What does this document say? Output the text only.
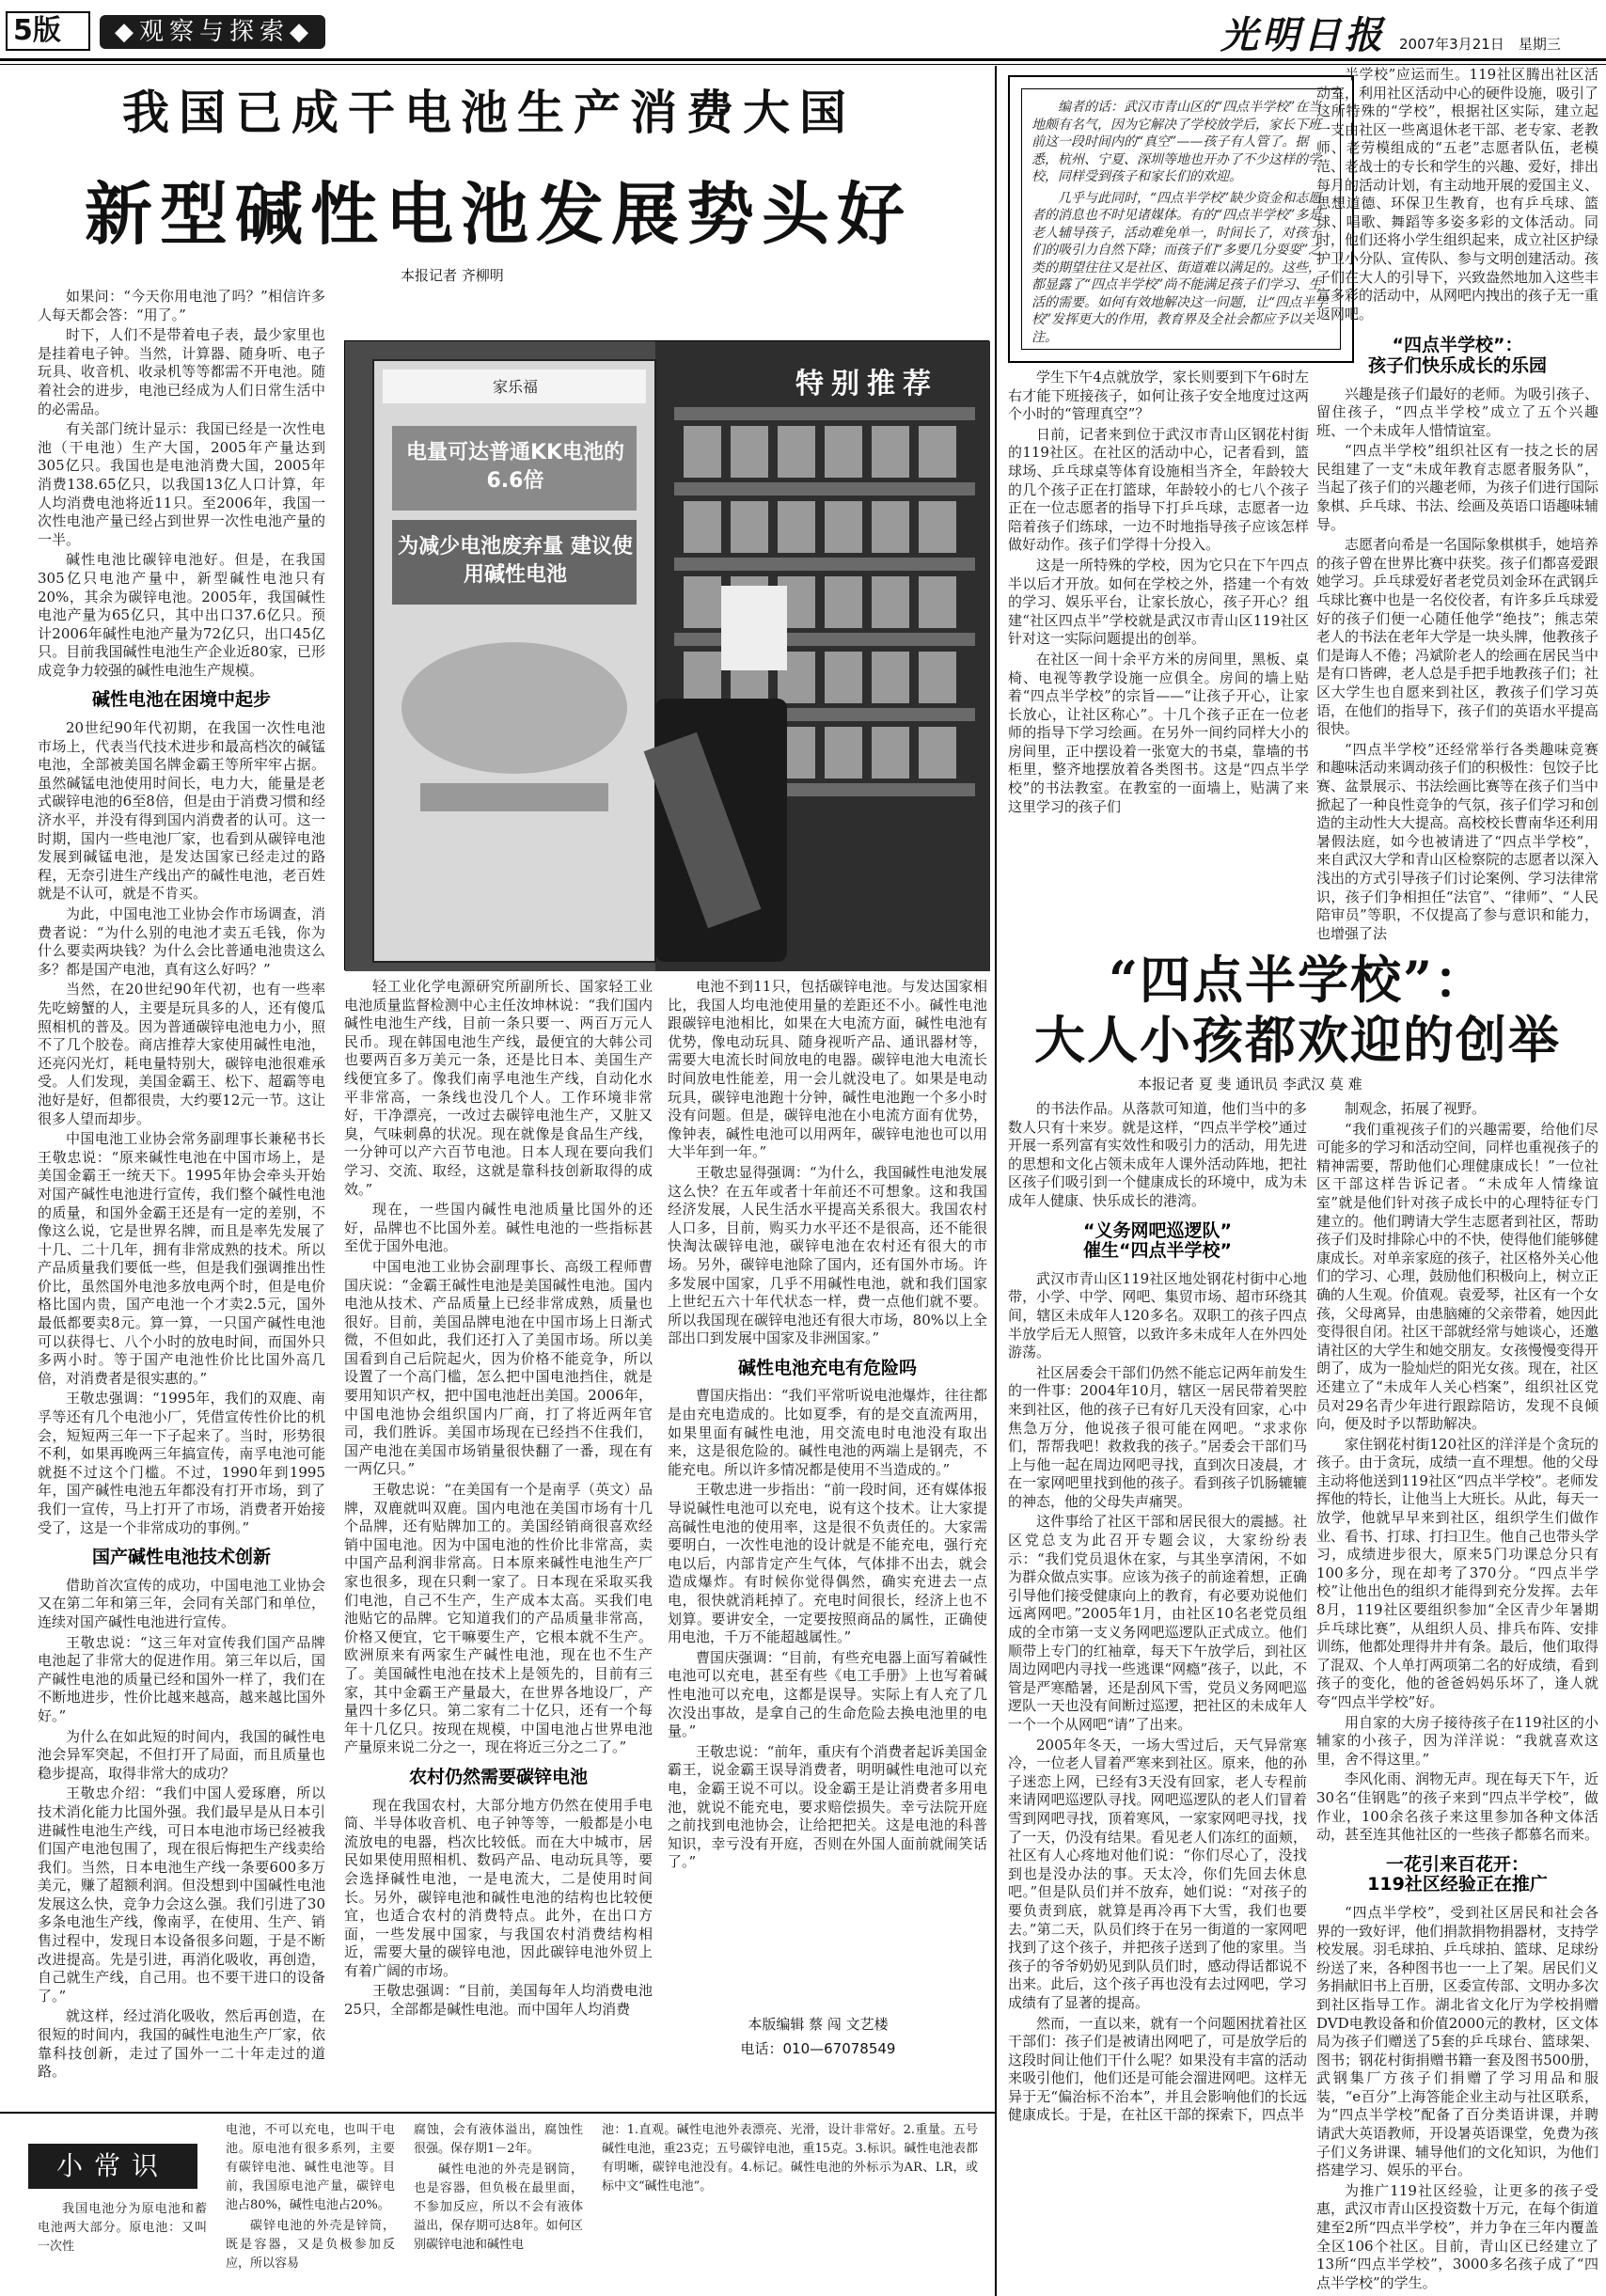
5版	◆观察与探索◆	光明日报 2007年3月21日　 星期三
我国已成干电池生产消费大国
新型碱性电池发展势头好
本报记者 齐柳明

如果问：“今天你用电池了吗？”相信许多人每天都会答：“用了。”

时下，人们不是带着电子表，最少家里也是挂着电子钟。当然，计算器、随身听、电子玩具、收音机、收录机等等都需不开电池。随着社会的进步，电池已经成为人们日常生活中的必需品。

有关部门统计显示：我国已经是一次性电池（干电池）生产大国，2005年产量达到305亿只。我国也是电池消费大国，2005年消费138.65亿只，以我国13亿人口计算，年人均消费电池将近11只。至2006年，我国一次性电池产量已经占到世界一次性电池产量的一半。

碱性电池比碳锌电池好。但是，在我国305亿只电池产量中，新型碱性电池只有20%，其余为碳锌电池。2005年，我国碱性电池产量为65亿只，其中出口37.6亿只。预计2006年碱性电池产量为72亿只，出口45亿只。目前我国碱性电池生产企业近80家，已形成竞争力较强的碱性电池生产规模。

碱性电池在困境中起步

20世纪90年代初期，在我国一次性电池市场上，代表当代技术进步和最高档次的碱锰电池，全部被美国名牌金霸王等所牢牢占据。虽然碱锰电池使用时间长，电力大，能量是老式碳锌电池的6至8倍，但是由于消费习惯和经济水平，并没有得到国内消费者的认可。这一时期，国内一些电池厂家，也看到从碳锌电池发展到碱锰电池，是发达国家已经走过的路程，无奈引进生产线出产的碱性电池，老百姓就是不认可，就是不肯买。

为此，中国电池工业协会作市场调查，消费者说：“为什么别的电池才卖五毛钱，你为什么要卖两块钱？为什么会比普通电池贵这么多？都是国产电池，真有这么好吗？”

当然，在20世纪90年代初，也有一些率先吃螃蟹的人，主要是玩具多的人，还有傻瓜照相机的普及。因为普通碳锌电池电力小，照不了几个胶卷。商店推荐大家使用碱性电池，还亮闪光灯，耗电量特别大，碳锌电池很难承受。人们发现，美国金霸王、松下、超霸等电池好是好，但都很贵，大约要12元一节。这让很多人望而却步。

中国电池工业协会常务副理事长兼秘书长王敬忠说：“原来碱性电池在中国市场上，是美国金霸王一统天下。1995年协会牵头开始对国产碱性电池进行宣传，我们整个碱性电池的质量，和国外金霸王还是有一定的差别，不像这么说，它是世界名牌，而且是率先发展了十几、二十几年，拥有非常成熟的技术。所以产品质量我们要低一些，但是我们强调推出性价比，虽然国外电池多放电两个时，但是电价格比国内贵，国产电池一个才卖2.5元，国外最低都要卖8元。算一算，一只国产碱性电池可以获得七、八个小时的放电时间，而国外只多两小时。等于国产电池性价比比国外高几倍，对消费者是很实惠的。”

王敬忠强调：“1995年，我们的双鹿、南孚等还有几个电池小厂，凭借宣传性价比的机会，短短两三年一下子起来了。当时，形势很不利，如果再晚两三年搞宣传，南孚电池可能就挺不过这个门槛。不过，1990年到1995年，国产碱性电池五年都没有打开市场，到了我们一宣传，马上打开了市场，消费者开始接受了，这是一个非常成功的事例。”

国产碱性电池技术创新

借助首次宣传的成功，中国电池工业协会又在第二年和第三年，会同有关部门和单位，连续对国产碱性电池进行宣传。

王敬忠说：“这三年对宣传我们国产品牌电池起了非常大的促进作用。第三年以后，国产碱性电池的质量已经和国外一样了，我们在不断地进步，性价比越来越高，越来越比国外好。”

为什么在如此短的时间内，我国的碱性电池会异军突起，不但打开了局面，而且质量也稳步提高，取得非常大的成功？

王敬忠介绍：“我们中国人爱琢磨，所以技术消化能力比国外强。我们最早是从日本引进碱性电池生产线，可日本电池市场已经被我们国产电池包围了，现在很后悔把生产线卖给我们。当然，日本电池生产线一条要600多万美元，赚了超额利润。但没想到中国碱性电池发展这么快，竞争力会这么强。我们引进了30多条电池生产线，像南孚，在使用、生产、销售过程中，发现日本设备很多问题，于是不断改进提高。先是引进，再消化吸收，再创造，自己就生产线，自己用。也不要干进口的设备了。”

就这样，经过消化吸收，然后再创造，在很短的时间内，我国的碱性电池生产厂家，依靠科技创新，走过了国外一二十年走过的道路。

电量可达普通KK电池的6.6倍
为减少电池废弃量 建议使用碱性电池
特别推荐
家乐福

轻工业化学电源研究所副所长、国家轻工业电池质量监督检测中心主任汝坤林说：“我们国内碱性电池生产线，目前一条只要一、两百万元人民币。现在韩国电池生产线，最便宜的大韩公司也要两百多万美元一条，还是比日本、美国生产线便宜多了。像我们南孚电池生产线，自动化水平非常高，一条线也没几个人。工作环境非常好，干净漂亮，一改过去碳锌电池生产，又脏又臭，气味刺鼻的状况。现在就像是食品生产线，一分钟可以产六百节电池。日本人现在要向我们学习、交流、取经，这就是靠科技创新取得的成效。”

现在，一些国内碱性电池质量比国外的还好，品牌也不比国外差。碱性电池的一些指标甚至优于国外电池。

中国电池工业协会副理事长、高级工程师曹国庆说：“金霸王碱性电池是美国碱性电池。国内电池从技术、产品质量上已经非常成熟，质量也很好。目前，美国品牌电池在中国市场上日渐式微，不但如此，我们还打入了美国市场。所以美国看到自己后院起火，因为价格不能竞争，所以设置了一个高门槛，怎么把中国电池挡住，就是要用知识产权，把中国电池赶出美国。2006年，中国电池协会组织国内厂商，打了将近两年官司，我们胜诉。美国市场现在已经挡不住我们，国产电池在美国市场销量很快翻了一番，现在有一两亿只。”

王敬忠说：“在美国有一个是南孚（英文）品牌，双鹿就叫双鹿。国内电池在美国市场有十几个品牌，还有贴牌加工的。美国经销商很喜欢经销中国电池。因为中国电池的性价比非常高，卖中国产品利润非常高。日本原来碱性电池生产厂家也很多，现在只剩一家了。日本现在采取买我们电池，自己不生产，生产成本太高。买我们电池贴它的品牌。它知道我们的产品质量非常高，价格又便宜，它干嘛要生产，它根本就不生产。欧洲原来有两家生产碱性电池，现在也不生产了。美国碱性电池在技术上是领先的，目前有三家，其中金霸王产量最大，在世界各地设厂，产量四十多亿只。第二家有二十亿只，还有一个每年十几亿只。按现在规模，中国电池占世界电池产量原来说二分之一，现在将近三分之二了。”

农村仍然需要碳锌电池

现在我国农村，大部分地方仍然在使用手电筒、半导体收音机、电子钟等等，一般都是小电流放电的电器，档次比较低。而在大中城市，居民如果使用照相机、数码产品、电动玩具等，要会选择碱性电池，一是电流大，二是使用时间长。另外，碳锌电池和碱性电池的结构也比较便宜，也适合农村的消费特点。此外，在出口方面，一些发展中国家，与我国农村消费结构相近，需要大量的碳锌电池，因此碳锌电池外贸上有着广阔的市场。

王敬忠强调：“目前，美国每年人均消费电池25只，全部都是碱性电池。而中国年人均消费

电池不到11只，包括碳锌电池。与发达国家相比，我国人均电池使用量的差距还不小。碱性电池跟碳锌电池相比，如果在大电流方面，碱性电池有优势，像电动玩具、随身视听产品、通讯器材等，需要大电流长时间放电的电器。碳锌电池大电流长时间放电性能差，用一会儿就没电了。如果是电动玩具，碳锌电池跑十分钟，碱性电池跑一个多小时没有问题。但是，碳锌电池在小电流方面有优势，像钟表，碱性电池可以用两年，碳锌电池也可以用大半年到一年。”

王敬忠显得强调：“为什么，我国碱性电池发展这么快？在五年或者十年前还不可想象。这和我国经济发展，人民生活水平提高关系很大。我国农村人口多，目前，购买力水平还不是很高，还不能很快淘汰碳锌电池，碳锌电池在农村还有很大的市场。另外，碳锌电池除了国内，还有国外市场。许多发展中国家，几乎不用碱性电池，就和我们国家上世纪五六十年代状态一样，费一点他们就不要。所以我国现在碳锌电池还有很大市场，80%以上全部出口到发展中国家及非洲国家。”

碱性电池充电有危险吗

曹国庆指出：“我们平常听说电池爆炸，往往都是由充电造成的。比如夏季，有的是交直流两用，如果里面有碱性电池，用交流电时电池没有取出来，这是很危险的。碱性电池的两端上是钢壳，不能充电。所以许多情况都是使用不当造成的。”

王敬忠进一步指出：“前一段时间，还有媒体报导说碱性电池可以充电，说有这个技术。让大家提高碱性电池的使用率，这是很不负责任的。大家需要明白，一次性电池的设计就是不能充电，强行充电以后，内部肯定产生气体，气体排不出去，就会造成爆炸。有时候你觉得偶然，确实充进去一点电，很快就消耗掉了。充电时间很长，经济上也不划算。要讲安全，一定要按照商品的属性，正确使用电池，千万不能超越属性。”

曹国庆强调：“目前，有些充电器上面写着碱性电池可以充电，甚至有些《电工手册》上也写着碱性电池可以充电，这都是误导。实际上有人充了几次没出事故，是拿自己的生命危险去换电池里的电量。”

王敬忠说：“前年，重庆有个消费者起诉美国金霸王，说金霸王误导消费者，明明碱性电池可以充电，金霸王说不可以。设金霸王是让消费者多用电池，就说不能充电，要求赔偿损失。幸亏法院开庭之前找到电池协会，让给把把关。这是电池的科普知识，幸亏没有开庭，否则在外国人面前就闹笑话了。”

本版编辑 蔡 闯 文艺楼
电话：010—67078549

编者的话：武汉市青山区的“四点半学校”在当地颇有名气，因为它解决了学校放学后，家长下班前这一段时间内的“真空”——孩子有人管了。据悉，杭州、宁夏、深圳等地也开办了不少这样的学校，同样受到孩子和家长们的欢迎。

几乎与此同时，“四点半学校”缺少资金和志愿者的消息也不时见诸媒体。有的“四点半学校”多是老人辅导孩子，活动难免单一，时间长了，对孩子们的吸引力自然下降；而孩子们“多要几分耍耍”之类的期望往往又是社区、街道难以满足的。这些，都显露了“四点半学校”尚不能满足孩子们学习、生活的需要。如何有效地解决这一问题，让“四点半学校”发挥更大的作用，教育界及全社会都应予以关注。

学生下午4点就放学，家长则要到下午6时左右才能下班接孩子，如何让孩子安全地度过这两个小时的“管理真空”？

日前，记者来到位于武汉市青山区钢花村街的119社区。在社区的活动中心，记者看到，篮球场、乒乓球桌等体育设施相当齐全，年龄较大的几个孩子正在打篮球，年龄较小的七八个孩子正在一位志愿者的指导下打乒乓球，志愿者一边陪着孩子们练球，一边不时地指导孩子应该怎样做好动作。孩子们学得十分投入。

这是一所特殊的学校，因为它只在下午四点半以后才开放。如何在学校之外，搭建一个有效的学习、娱乐平台，让家长放心，孩子开心？组建“社区四点半”学校就是武汉市青山区119社区针对这一实际问题提出的创举。

在社区一间十余平方米的房间里，黑板、桌椅、电视等教学设施一应俱全。房间的墙上贴着“四点半学校”的宗旨——“让孩子开心，让家长放心，让社区称心”。十几个孩子正在一位老师的指导下学习绘画。在另外一间约同样大小的房间里，正中摆设着一张宽大的书桌，靠墙的书柜里，整齐地摆放着各类图书。这是“四点半学校”的书法教室。在教室的一面墙上，贴满了来这里学习的孩子们

半学校”应运而生。119社区腾出社区活动室，利用社区活动中心的硬件设施，吸引了这所特殊的“学校”，根据社区实际，建立起一支由社区一些离退休老干部、老专家、老教师、老劳模组成的“五老”志愿者队伍，老模范、老战士的专长和学生的兴趣、爱好，排出每月的活动计划，有主动地开展的爱国主义、思想道德、环保卫生教育，也有乒乓球、篮球、唱歌、舞蹈等多姿多彩的文体活动。同时，他们还将小学生组织起来，成立社区护绿护卫小分队、宣传队、参与文明创建活动。孩子们在大人的引导下，兴致盎然地加入这些丰富多彩的活动中，从网吧内拽出的孩子无一重返网吧。

“四点半学校”：
孩子们快乐成长的乐园

兴趣是孩子们最好的老师。为吸引孩子、留住孩子，“四点半学校”成立了五个兴趣班、一个未成年人惜情谊室。

“四点半学校”组织社区有一技之长的居民组建了一支“未成年教育志愿者服务队”，当起了孩子们的兴趣老师，为孩子们进行国际象棋、乒乓球、书法、绘画及英语口语趣味辅导。

志愿者向希是一名国际象棋棋手，她培养的孩子曾在世界比赛中获奖。孩子们都喜爱跟她学习。乒乓球爱好者老党员刘金环在武钢乒乓球比赛中也是一名佼佼者，有许多乒乓球爱好的孩子们便一心随任他学“绝技”；熊志荣老人的书法在老年大学是一块头牌，他教孩子们是诲人不倦；冯斌阶老人的绘画在居民当中是有口皆碑，老人总是手把手地教孩子们；社区大学生也自愿来到社区，教孩子们学习英语，在他们的指导下，孩子们的英语水平提高很快。

“四点半学校”还经常举行各类趣味竞赛和趣味活动来调动孩子们的积极性：包饺子比赛、盆景展示、书法绘画比赛等在孩子们当中掀起了一种良性竞争的气氛，孩子们学习和创造的主动性大大提高。高校校长曹南华还利用暑假法庭，如今也被请进了“四点半学校”，来自武汉大学和青山区检察院的志愿者以深入浅出的方式引导孩子们讨论案例、学习法律常识，孩子们争相担任“法官”、“律师”、“人民陪审员”等职，不仅提高了参与意识和能力，也增强了法

“四点半学校”：
大人小孩都欢迎的创举
本报记者 夏 斐 通讯员 李武汉 莫 难

的书法作品。从落款可知道，他们当中的多数人只有十来岁。就是这样，“四点半学校”通过开展一系列富有实效性和吸引力的活动，用先进的思想和文化占领未成年人课外活动阵地，把社区孩子们吸引到一个健康成长的环境中，成为未成年人健康、快乐成长的港湾。

“义务网吧巡逻队”
催生“四点半学校”

武汉市青山区119社区地处钢花村街中心地带，小学、中学、网吧、集贸市场、超市环绕其间，辖区未成年人120多名。双职工的孩子四点半放学后无人照管，以致许多未成年人在外四处游荡。

社区居委会干部们仍然不能忘记两年前发生的一件事：2004年10月，辖区一居民带着哭腔来到社区，他的孩子已有好几天没有回家，心中焦急万分，他说孩子很可能在网吧。“求求你们，帮帮我吧！救救我的孩子。”居委会干部们马上与他一起在周边网吧寻找，直到次日凌晨，才在一家网吧里找到他的孩子。看到孩子饥肠辘辘的神态，他的父母失声痛哭。

这件事给了社区干部和居民很大的震撼。社区党总支为此召开专题会议，大家纷纷表示：“我们党员退休在家，与其坐享清闲，不如为群众做点实事。应该为孩子的前途着想，正确引导他们接受健康向上的教育，有必要劝说他们远离网吧。”2005年1月，由社区10名老党员组成的全市第一支义务网吧巡逻队正式成立。他们顺带上专门的红袖章，每天下午放学后，到社区周边网吧内寻找一些逃课“网瘾”孩子，以此，不管是严寒酷暑，还是刮风下雪，党员义务网吧巡逻队一天也没有间断过巡逻，把社区的未成年人一个一个从网吧“请”了出来。

2005年冬天，一场大雪过后，天气异常寒冷，一位老人冒着严寒来到社区。原来，他的孙子迷恋上网，已经有3天没有回家，老人专程前来请网吧巡逻队寻找。网吧巡逻队的老人们冒着雪到网吧寻找，顶着寒风，一家家网吧寻找，找了一天，仍没有结果。看见老人们冻红的面颊，社区有人心疼地对他们说：“你们尽心了，没找到也是没办法的事。天太冷，你们先回去休息吧。”但是队员们并不放弃，她们说：“对孩子的要负责到底，就算是再冷再下大雪，我们也要去。”第二天，队员们终于在另一街道的一家网吧找到了这个孩子，并把孩子送到了他的家里。当孩子的爷爷奶奶见到队员们时，感动得话都说不出来。此后，这个孩子再也没有去过网吧，学习成绩有了显著的提高。

然而，一直以来，就有一个问题困扰着社区干部们：孩子们是被请出网吧了，可是放学后的这段时间让他们干什么呢？如果没有丰富的活动来吸引他们，他们还是可能会溜进网吧。这样无异于无“偏治标不治本”，并且会影响他们的长远健康成长。于是，在社区干部的探索下，四点半

制观念，拓展了视野。

“我们重视孩子们的兴趣需要，给他们尽可能多的学习和活动空间，同样也重视孩子的精神需要，帮助他们心理健康成长！”一位社区干部这样告诉记者。“未成年人情缘谊室”就是他们针对孩子成长中的心理特征专门建立的。他们聘请大学生志愿者到社区，帮助孩子们及时排除心中的不快，使得他们能够健康成长。对单亲家庭的孩子，社区格外关心他们的学习、心理，鼓励他们积极向上，树立正确的人生观。价值观。袁爱琴，社区有一个女孩，父母离异，由患脑瘫的父亲带着，她因此变得很自闭。社区干部就经常与她谈心，还邀请社区的大学生和她交朋友。女孩慢慢变得开朗了，成为一脸灿烂的阳光女孩。现在，社区还建立了“未成年人关心档案”，组织社区党员对29名青少年进行跟踪陪访，发现不良倾向，便及时予以帮助解决。

家住钢花村街120社区的洋洋是个贪玩的孩子。由于贪玩，成绩一直不理想。他的父母主动将他送到119社区“四点半学校”。老师发挥他的特长，让他当上大班长。从此，每天一放学，他就早早来到社区，组织学生们做作业、看书、打球、打扫卫生。他自己也带头学习，成绩进步很大，原来5门功课总分只有100多分，现在却考了370分。“四点半学校”让他出色的组织才能得到充分发挥。去年8月，119社区要组织参加“全区青少年暑期乒乓球比赛”，从组织人员、排兵布阵、安排训练，他都处理得井井有条。最后，他们取得了混双、个人单打两项第二名的好成绩，看到孩子的变化，他的爸爸妈妈乐坏了，逢人就夸“四点半学校”好。

用自家的大房子接待孩子在119社区的小辅家的小孩子，因为洋洋说：“我就喜欢这里，舍不得这里。”

李风化雨、润物无声。现在每天下午，近30名“佳钢匙”的孩子来到“四点半学校”，做作业，100余名孩子来这里参加各种文体活动，甚至连其他社区的一些孩子都慕名而来。

一花引来百花开：
119社区经验正在推广

“四点半学校”，受到社区居民和社会各界的一致好评，他们捐款捐物捐器材，支持学校发展。羽毛球拍、乒乓球拍、篮球、足球纷纷送了来，各种图书也一一上了架。居民们义务捐献旧书上百册，区委宣传部、文明办多次到社区指导工作。湖北省文化厅为学校捐赠DVD电教设备和价值2000元的教材，区文体局为孩子们赠送了5套的乒乓球台、篮球架、图书；钢花村街捐赠书籍一套及图书500册，武钢集厂方孩子们捐赠了学习用品和服装，“e百分”上海答能企业主动与社区联系，为“四点半学校”配备了百分类语讲课，并聘请武大英语教师，开设暑英语课堂，免费为孩子们义务讲课、辅导他们的文化知识，为他们搭建学习、娱乐的平台。

为推广119社区经验，让更多的孩子受惠，武汉市青山区投资数十万元，在每个街道建至2所“四点半学校”，并力争在三年内覆盖全区106个社区。目前，青山区已经建立了13所“四点半学校”，3000多名孩子成了“四点半学校”的学生。

小常识
我国电池分为原电池和蓄电池两大部分。原电池：又叫一次性
电池，不可以充电，也叫干电池。原电池有很多系列，主要有碳锌电池、碱性电池等。目前，我国原电池产量，碳锌电池占80%，碱性电池占20%。
碳锌电池的外壳是锌筒，既是容器，又是负极参加反应，所以容易
腐蚀，会有液体溢出，腐蚀性很强。保存期1－2年。
碱性电池的外壳是钢筒，也是容器，但负极在最里面，不参加反应，所以不会有液体溢出，保存期可达8年。如何区别碳锌电池和碱性电
池：1.直观。碱性电池外表漂亮、光滑，设计非常好。2.重量。五号碱性电池，重23克；五号碳锌电池，重15克。3.标识。碱性电池表都有明晰，碳锌电池没有。4.标记。碱性电池的外标示为AR、LR，或标中文“碱性电池”。
